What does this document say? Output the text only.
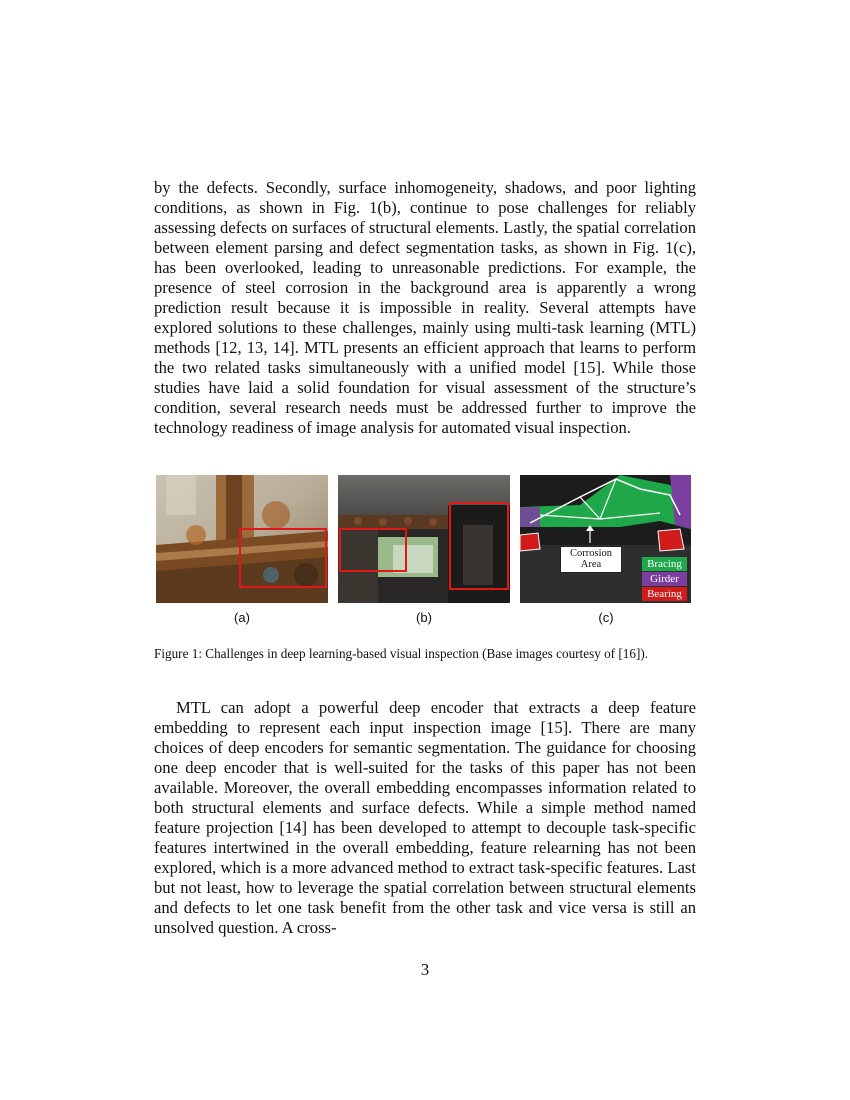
by the defects. Secondly, surface inhomogeneity, shadows, and poor lighting conditions, as shown in Fig. 1(b), continue to pose challenges for reliably assessing defects on surfaces of structural elements. Lastly, the spatial correlation between element parsing and defect segmentation tasks, as shown in Fig. 1(c), has been overlooked, leading to unreasonable predictions. For example, the presence of steel corrosion in the background area is apparently a wrong prediction result because it is impossible in reality. Several attempts have explored solutions to these challenges, mainly using multi-task learning (MTL) methods [12, 13, 14]. MTL presents an efficient approach that learns to perform the two related tasks simultaneously with a unified model [15]. While those studies have laid a solid foundation for visual assessment of the structure’s condition, several research needs must be addressed further to improve the technology readiness of image analysis for automated visual inspection.

Corrosion Area	Bracing
Girder
Bearing
(a)	(b)	(c)

Figure 1: Challenges in deep learning-based visual inspection (Base images courtesy of [16]).

MTL can adopt a powerful deep encoder that extracts a deep feature embedding to represent each input inspection image [15]. There are many choices of deep encoders for semantic segmentation. The guidance for choosing one deep encoder that is well-suited for the tasks of this paper has not been available. Moreover, the overall embedding encompasses information related to both structural elements and surface defects. While a simple method named feature projection [14] has been developed to attempt to decouple task-specific features intertwined in the overall embedding, feature relearning has not been explored, which is a more advanced method to extract task-specific features. Last but not least, how to leverage the spatial correlation between structural elements and defects to let one task benefit from the other task and vice versa is still an unsolved question. A cross-

3
